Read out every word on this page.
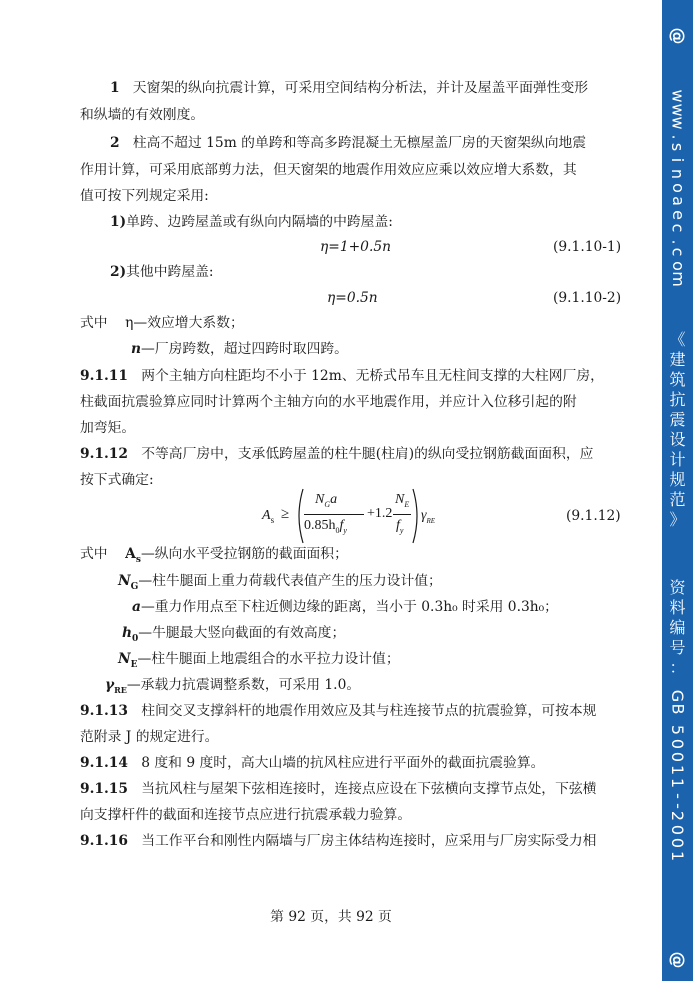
1 天窗架的纵向抗震计算，可采用空间结构分析法，并计及屋盖平面弹性变形
和纵墙的有效刚度。
2 柱高不超过 15m 的单跨和等高多跨混凝土无檩屋盖厂房的天窗架纵向地震
作用计算，可采用底部剪力法，但天窗架的地震作用效应应乘以效应增大系数，其
值可按下列规定采用:
1)单跨、边跨屋盖或有纵向内隔墙的中跨屋盖:
η=1+0.5n	(9.1.10-1)
2)其他中跨屋盖:
η=0.5n	(9.1.10-2)
式中 η—效应增大系数；
n—厂房跨数，超过四跨时取四跨。
9.1.11 两个主轴方向柱距均不小于 12m、无桥式吊车且无柱间支撑的大柱网厂房，
柱截面抗震验算应同时计算两个主轴方向的水平地震作用，并应计入位移引起的附
加弯矩。
9.1.12 不等高厂房中，支承低跨屋盖的柱牛腿(柱肩)的纵向受拉钢筋截面面积，应
按下式确定:
$A_s$ ≥
$N_Ga$
$0.85h_0f_y$
+1.2
$N_E$
$f_y$
$\gamma_{RE}$	(9.1.12)
式中 $A_s—$纵向水平受拉钢筋的截面面积；
$N_G—$柱牛腿面上重力荷载代表值产生的压力设计值；
a—重力作用点至下柱近侧边缘的距离，当小于 0.3h₀ 时采用 0.3h₀；
$h_0—$牛腿最大竖向截面的有效高度；
$N_E—$柱牛腿面上地震组合的水平拉力设计值；
$\gamma_{RE}—$承载力抗震调整系数，可采用 1.0。
9.1.13 柱间交叉支撑斜杆的地震作用效应及其与柱连接节点的抗震验算，可按本规
范附录 J 的规定进行。
9.1.14 8 度和 9 度时，高大山墙的抗风柱应进行平面外的截面抗震验算。
9.1.15 当抗风柱与屋架下弦相连接时，连接点应设在下弦横向支撑节点处，下弦横
向支撑杆件的截面和连接节点应进行抗震承载力验算。
9.1.16 当工作平台和刚性内隔墙与厂房主体结构连接时，应采用与厂房实际受力相
第 92 页，共 92 页
@
w
w
w
.
s
i
n
o
a
e
c
.
c
o
m
《
建
筑
抗
震
设
计
规
范
》
资
料
编
号
：
G
B
5
0
0
1
1
-
-
2
0
0
1
@
